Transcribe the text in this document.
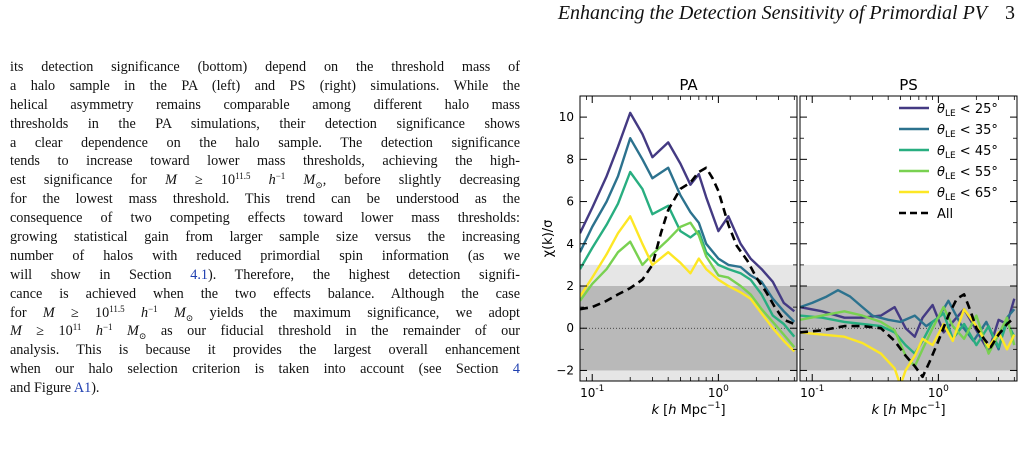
Enhancing the Detection Sensitivity of Primordial PV 3
its detection significance (bottom) depend on the threshold mass of
a halo sample in the PA (left) and PS (right) simulations. While the
helical asymmetry remains comparable among different halo mass
thresholds in the PA simulations, their detection significance shows
a clear dependence on the halo sample. The detection significance
tends to increase toward lower mass thresholds, achieving the high-
est significance for $M \ge 10^{11.5}$ $h^{-1}$ $M_⊙$, before slightly decreasing
for the lowest mass threshold. This trend can be understood as the
consequence of two competing effects toward lower mass thresholds:
growing statistical gain from larger sample size versus the increasing
number of halos with reduced primordial spin information (as we
will show in Section 4.1). Therefore, the highest detection signifi-
cance is achieved when the two effects balance. Although the case
for $M \ge 10^{11.5}$ $h^{-1}$ $M_⊙$ yields the maximum significance, we adopt
$M \ge 10^{11}$ $h^{-1}$ $M_⊙$ as our fiducial threshold in the remainder of our
analysis. This is because it provides the largest overall enhancement
when our halo selection criterion is taken into account (see Section 4
and Figure A1).
PA
$10^{-1}$	$10^0$
k [h Mpc$^{-1}$]
−2
0
2
4
6
8
10
χ(k)/σ
PS
$10^{-1}$	$10^0$
k [h Mpc$^{-1}$]
$\theta_{LE} < 25^\circ$
$\theta_{LE} < 35^\circ$
$\theta_{LE} < 45^\circ$
$\theta_{LE} < 55^\circ$
$\theta_{LE} < 65^\circ$
All
